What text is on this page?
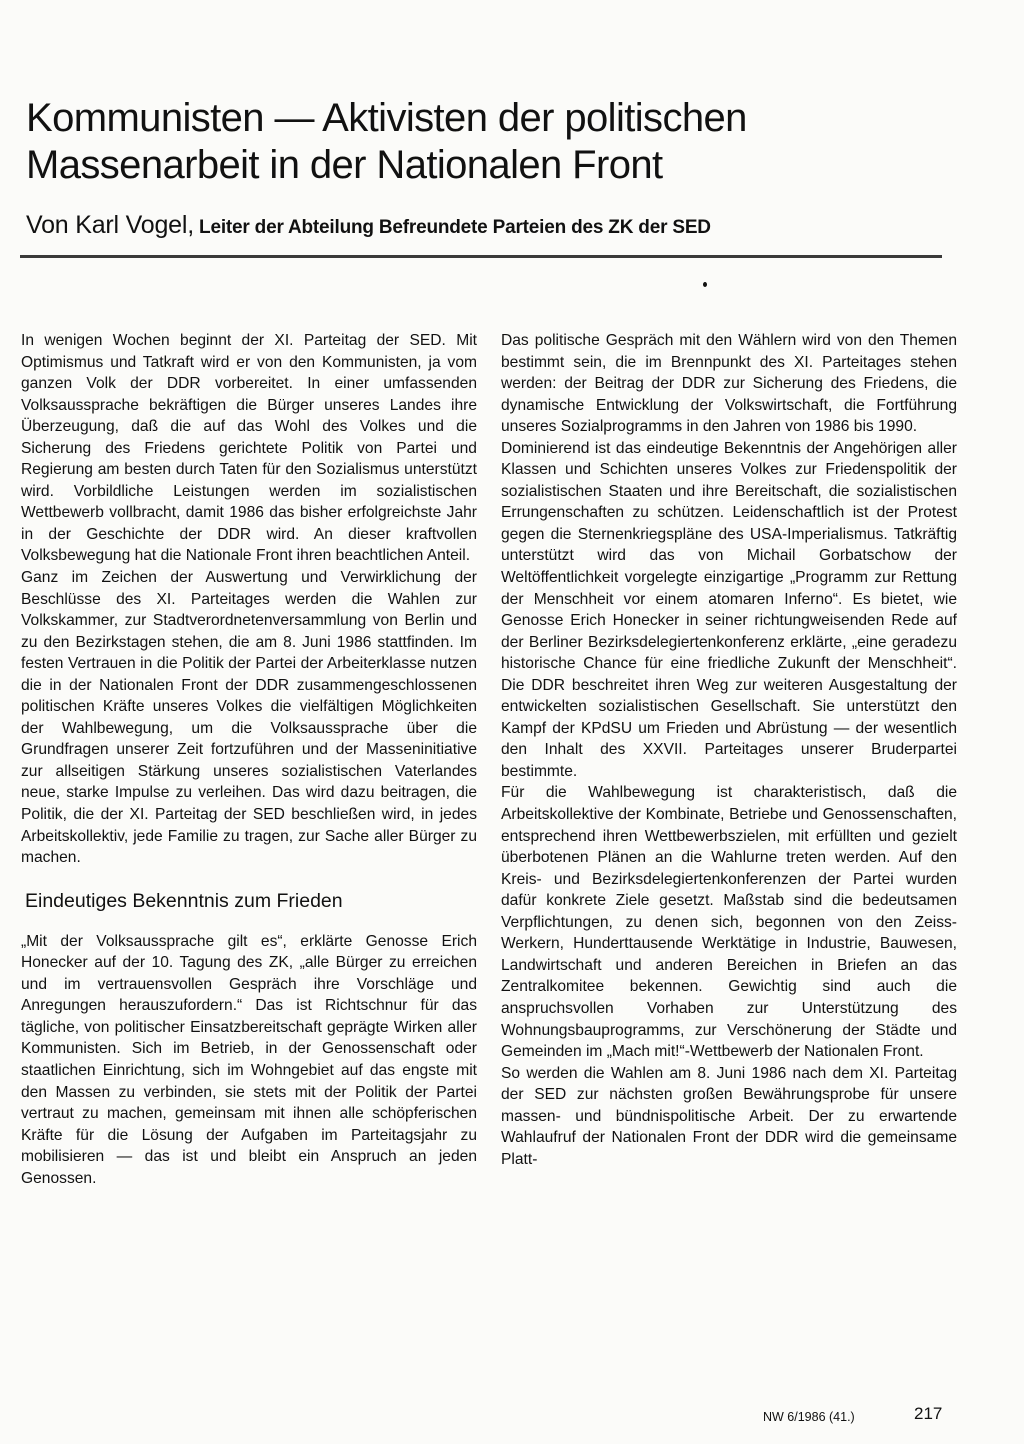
Kommunisten — Aktivisten der politischen
Massenarbeit in der Nationalen Front
Von Karl Vogel, Leiter der Abteilung Befreundete Parteien des ZK der SED

In wenigen Wochen beginnt der XI. Parteitag der SED. Mit Optimismus und Tatkraft wird er von den Kommunisten, ja vom ganzen Volk der DDR vorbereitet. In einer umfassenden Volksaussprache bekräftigen die Bürger unseres Landes ihre Überzeugung, daß die auf das Wohl des Volkes und die Sicherung des Friedens gerichtete Politik von Partei und Regierung am besten durch Taten für den Sozialismus unterstützt wird. Vorbildliche Leistungen werden im sozialistischen Wettbewerb vollbracht, damit 1986 das bisher erfolgreichste Jahr in der Geschichte der DDR wird. An dieser kraftvollen Volksbewegung hat die Nationale Front ihren beachtlichen Anteil.

Ganz im Zeichen der Auswertung und Verwirklichung der Beschlüsse des XI. Parteitages werden die Wahlen zur Volkskammer, zur Stadtverordnetenversammlung von Berlin und zu den Bezirkstagen stehen, die am 8. Juni 1986 stattfinden. Im festen Vertrauen in die Politik der Partei der Arbeiterklasse nutzen die in der Nationalen Front der DDR zusammengeschlossenen politischen Kräfte unseres Volkes die vielfältigen Möglichkeiten der Wahlbewegung, um die Volksaussprache über die Grundfragen unserer Zeit fortzuführen und der Masseninitiative zur allseitigen Stärkung unseres sozialistischen Vaterlandes neue, starke Impulse zu verleihen. Das wird dazu beitragen, die Politik, die der XI. Parteitag der SED beschließen wird, in jedes Arbeitskollektiv, jede Familie zu tragen, zur Sache aller Bürger zu machen.

Eindeutiges Bekenntnis zum Frieden

„Mit der Volksaussprache gilt es“, erklärte Genosse Erich Honecker auf der 10. Tagung des ZK, „alle Bürger zu erreichen und im vertrauensvollen Gespräch ihre Vorschläge und Anregungen herauszufordern.“ Das ist Richtschnur für das tägliche, von politischer Einsatzbereitschaft geprägte Wirken aller Kommunisten. Sich im Betrieb, in der Genossenschaft oder staatlichen Einrichtung, sich im Wohngebiet auf das engste mit den Massen zu verbinden, sie stets mit der Politik der Partei vertraut zu machen, gemeinsam mit ihnen alle schöpferischen Kräfte für die Lösung der Aufgaben im Parteitagsjahr zu mobilisieren — das ist und bleibt ein Anspruch an jeden Genossen.

Das politische Gespräch mit den Wählern wird von den Themen bestimmt sein, die im Brennpunkt des XI. Parteitages stehen werden: der Beitrag der DDR zur Sicherung des Friedens, die dynamische Entwicklung der Volkswirtschaft, die Fortführung unseres Sozialprogramms in den Jahren von 1986 bis 1990.

Dominierend ist das eindeutige Bekenntnis der Angehörigen aller Klassen und Schichten unseres Volkes zur Friedenspolitik der sozialistischen Staaten und ihre Bereitschaft, die sozialistischen Errungenschaften zu schützen. Leidenschaftlich ist der Protest gegen die Sternenkriegspläne des USA-Imperialismus. Tatkräftig unterstützt wird das von Michail Gorbatschow der Weltöffentlichkeit vorgelegte einzigartige „Programm zur Rettung der Menschheit vor einem atomaren Inferno“. Es bietet, wie Genosse Erich Honecker in seiner richtungweisenden Rede auf der Berliner Bezirksdelegiertenkonferenz erklärte, „eine geradezu historische Chance für eine friedliche Zukunft der Menschheit“. Die DDR beschreitet ihren Weg zur weiteren Ausgestaltung der entwickelten sozialistischen Gesellschaft. Sie unterstützt den Kampf der KPdSU um Frieden und Abrüstung — der wesentlich den Inhalt des XXVII. Parteitages unserer Bruderpartei bestimmte.

Für die Wahlbewegung ist charakteristisch, daß die Arbeitskollektive der Kombinate, Betriebe und Genossenschaften, entsprechend ihren Wettbewerbszielen, mit erfüllten und gezielt überbotenen Plänen an die Wahlurne treten werden. Auf den Kreis- und Bezirksdelegiertenkonferenzen der Partei wurden dafür konkrete Ziele gesetzt. Maßstab sind die bedeutsamen Verpflichtungen, zu denen sich, begonnen von den Zeiss-Werkern, Hunderttausende Werktätige in Industrie, Bauwesen, Landwirtschaft und anderen Bereichen in Briefen an das Zentralkomitee bekennen. Gewichtig sind auch die anspruchsvollen Vorhaben zur Unterstützung des Wohnungsbauprogramms, zur Verschönerung der Städte und Gemeinden im „Mach mit!“-Wettbewerb der Nationalen Front.

So werden die Wahlen am 8. Juni 1986 nach dem XI. Parteitag der SED zur nächsten großen Bewährungsprobe für unsere massen- und bündnispolitische Arbeit. Der zu erwartende Wahlaufruf der Nationalen Front der DDR wird die gemeinsame Platt-

NW 6/1986 (41.)	217
